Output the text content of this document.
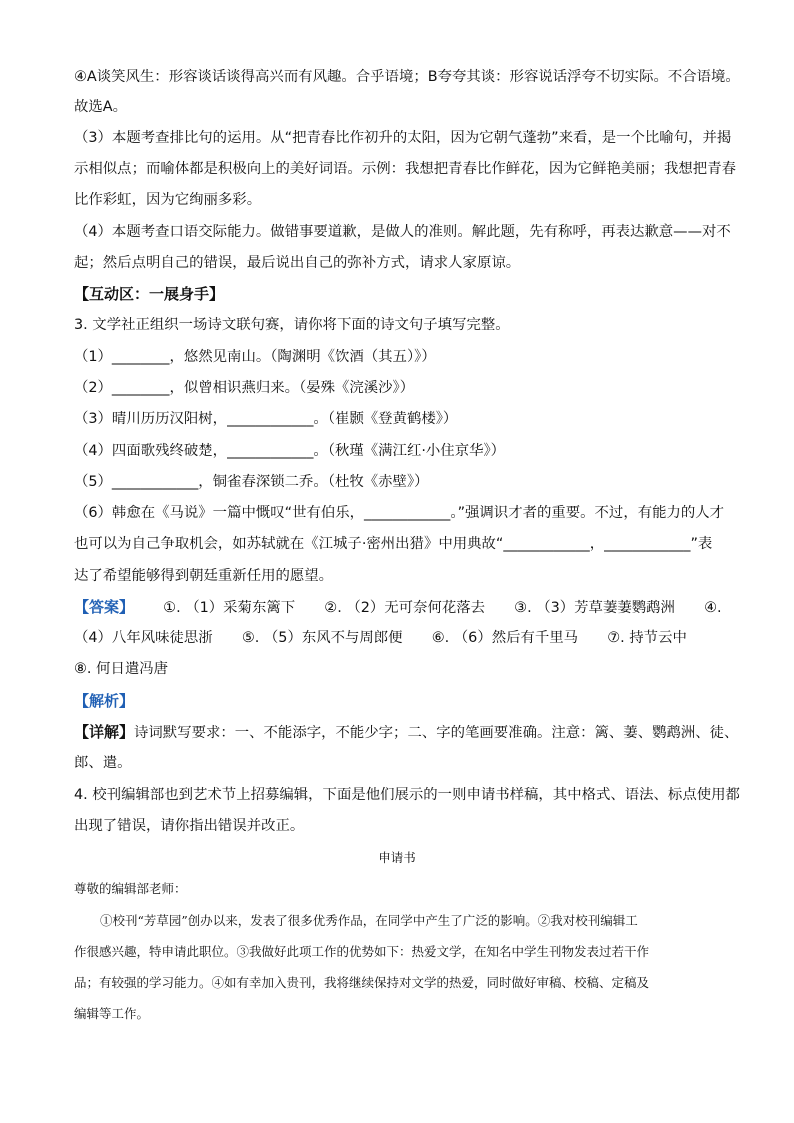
④A谈笑风生：形容谈话谈得高兴而有风趣。合乎语境；B夸夸其谈：形容说话浮夸不切实际。不合语境。
故选A。
（3）本题考查排比句的运用。从“把青春比作初升的太阳，因为它朝气蓬勃”来看，是一个比喻句，并揭
示相似点；而喻体都是积极向上的美好词语。示例：我想把青春比作鲜花，因为它鲜艳美丽；我想把青春
比作彩虹，因为它绚丽多彩。
（4）本题考查口语交际能力。做错事要道歉，是做人的准则。解此题，先有称呼，再表达歉意——对不
起；然后点明自己的错误，最后说出自己的弥补方式，请求人家原谅。
【互动区：一展身手】
3. 文学社正组织一场诗文联句赛，请你将下面的诗文句子填写完整。
（1）________，悠然见南山。（陶渊明《饮酒（其五）》）
（2）________，似曾相识燕归来。（晏殊《浣溪沙》）
（3）晴川历历汉阳树，____________。（崔颢《登黄鹤楼》）
（4）四面歌残终破楚，____________。（秋瑾《满江红·小住京华》）
（5）____________，铜雀春深锁二乔。（杜牧《赤壁》）
（6）韩愈在《马说》一篇中慨叹“世有伯乐，____________。”强调识才者的重要。不过，有能力的人才
也可以为自己争取机会，如苏轼就在《江城子·密州出猎》中用典故“____________，____________”表
达了希望能够得到朝廷重新任用的愿望。
【答案】 ①. （1）采菊东篱下 ②. （2）无可奈何花落去 ③. （3）芳草萋萋鹦鹉洲 ④.
（4）八年风味徒思浙 ⑤. （5）东风不与周郎便 ⑥. （6）然后有千里马 ⑦. 持节云中
⑧. 何日遣冯唐
【解析】
【详解】诗词默写要求：一、不能添字，不能少字；二、字的笔画要准确。注意：篱、萋、鹦鹉洲、徒、
郎、遣。
4. 校刊编辑部也到艺术节上招募编辑，下面是他们展示的一则申请书样稿，其中格式、语法、标点使用都
出现了错误，请你指出错误并改正。
申请书
尊敬的编辑部老师：
①校刊“芳草园”创办以来，发表了很多优秀作品，在同学中产生了广泛的影响。②我对校刊编辑工
作很感兴趣，特申请此职位。③我做好此项工作的优势如下：热爱文学，在知名中学生刊物发表过若干作
品；有较强的学习能力。④如有幸加入贵刊，我将继续保持对文学的热爱，同时做好审稿、校稿、定稿及
编辑等工作。
